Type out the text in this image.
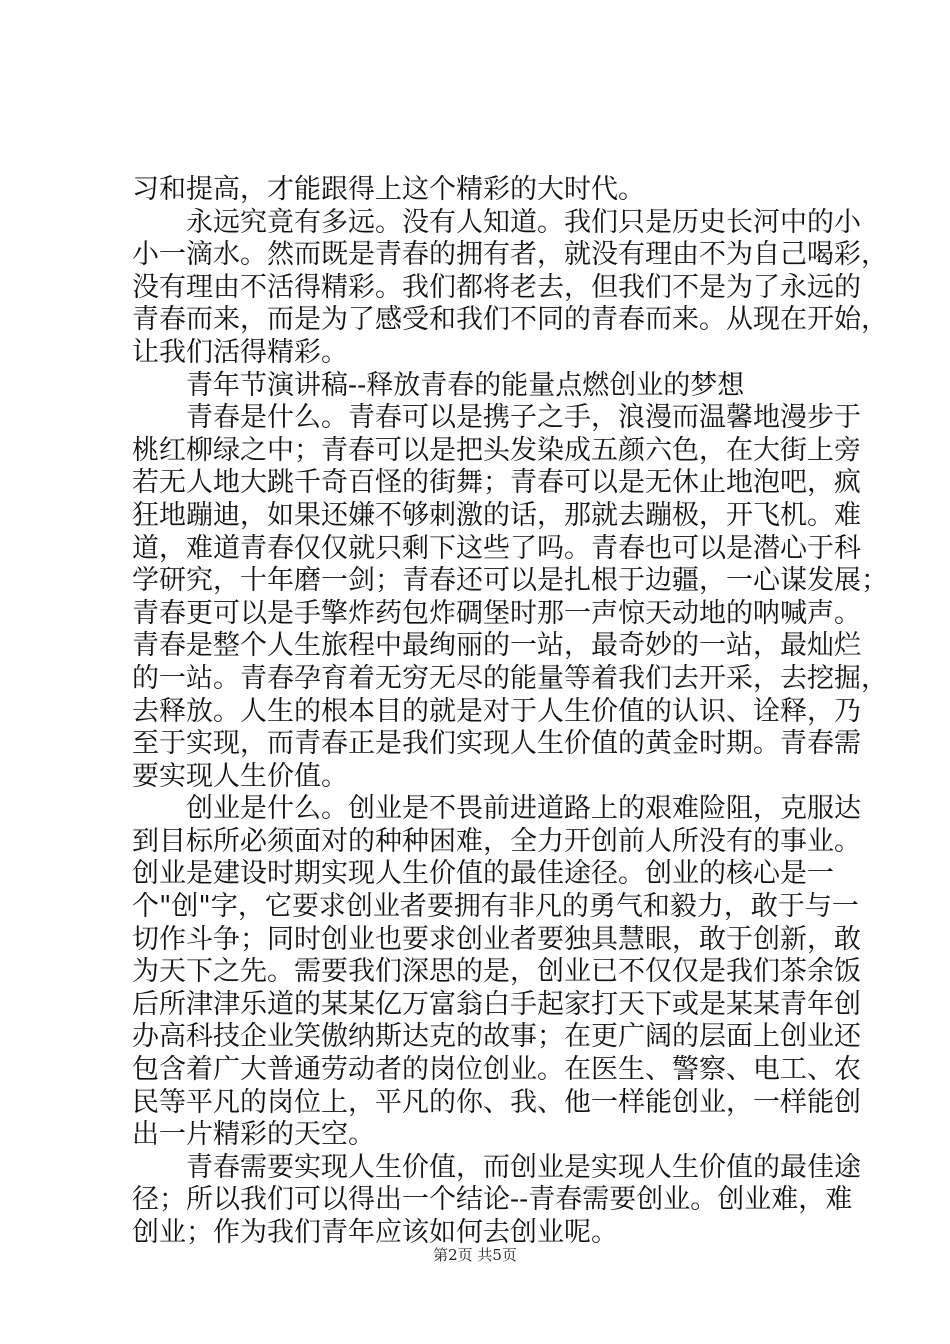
习和提高，才能跟得上这个精彩的大时代。
　　永远究竟有多远。没有人知道。我们只是历史长河中的小
小一滴水。然而既是青春的拥有者，就没有理由不为自己喝彩，
没有理由不活得精彩。我们都将老去，但我们不是为了永远的
青春而来，而是为了感受和我们不同的青春而来。从现在开始，
让我们活得精彩。
　　青年节演讲稿--释放青春的能量点燃创业的梦想
　　青春是什么。青春可以是携子之手，浪漫而温馨地漫步于
桃红柳绿之中；青春可以是把头发染成五颜六色，在大街上旁
若无人地大跳千奇百怪的街舞；青春可以是无休止地泡吧，疯
狂地蹦迪，如果还嫌不够刺激的话，那就去蹦极，开飞机。难
道，难道青春仅仅就只剩下这些了吗。青春也可以是潜心于科
学研究，十年磨一剑；青春还可以是扎根于边疆，一心谋发展；
青春更可以是手擎炸药包炸碉堡时那一声惊天动地的呐喊声。
青春是整个人生旅程中最绚丽的一站，最奇妙的一站，最灿烂
的一站。青春孕育着无穷无尽的能量等着我们去开采，去挖掘，
去释放。人生的根本目的就是对于人生价值的认识、诠释，乃
至于实现，而青春正是我们实现人生价值的黄金时期。青春需
要实现人生价值。
　　创业是什么。创业是不畏前进道路上的艰难险阻，克服达
到目标所必须面对的种种困难，全力开创前人所没有的事业。
创业是建设时期实现人生价值的最佳途径。创业的核心是一
个"创"字，它要求创业者要拥有非凡的勇气和毅力，敢于与一
切作斗争；同时创业也要求创业者要独具慧眼，敢于创新，敢
为天下之先。需要我们深思的是，创业已不仅仅是我们茶余饭
后所津津乐道的某某亿万富翁白手起家打天下或是某某青年创
办高科技企业笑傲纳斯达克的故事；在更广阔的层面上创业还
包含着广大普通劳动者的岗位创业。在医生、警察、电工、农
民等平凡的岗位上，平凡的你、我、他一样能创业，一样能创
出一片精彩的天空。
　　青春需要实现人生价值，而创业是实现人生价值的最佳途
径；所以我们可以得出一个结论--青春需要创业。创业难，难
创业；作为我们青年应该如何去创业呢。
第2页 共5页
